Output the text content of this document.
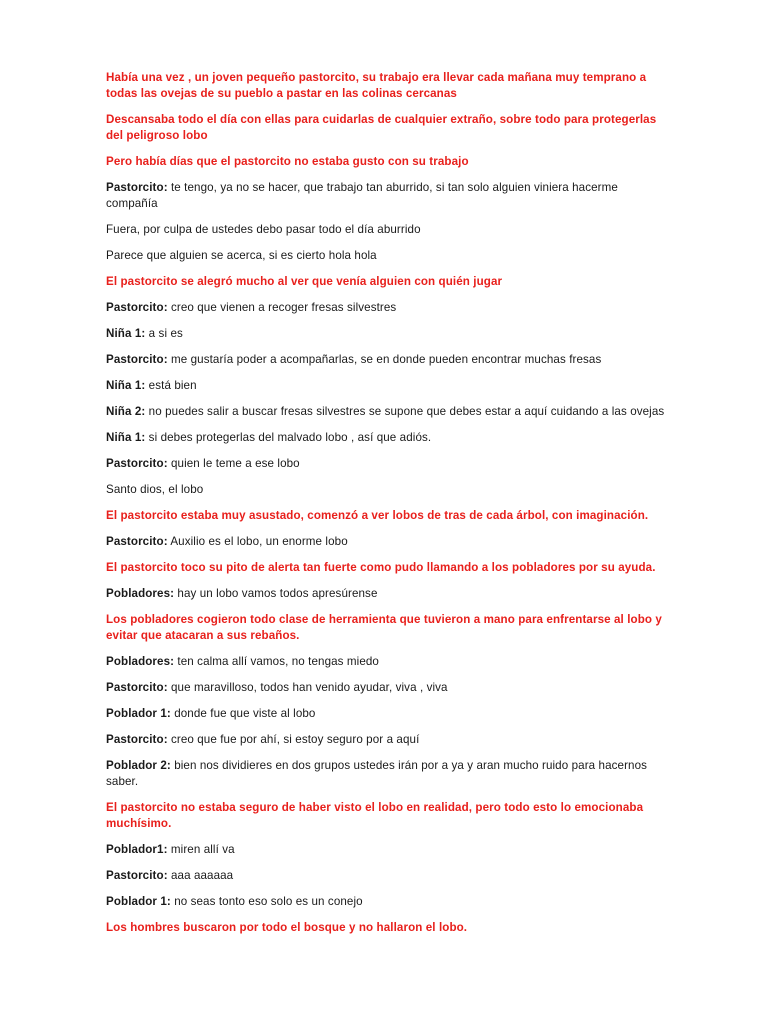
Había una vez , un joven pequeño pastorcito, su trabajo era llevar cada mañana muy temprano a todas las ovejas de su pueblo a pastar en las colinas cercanas

Descansaba todo el día con ellas para cuidarlas de cualquier extraño, sobre todo para protegerlas del peligroso lobo

Pero había días que el pastorcito no estaba gusto con su trabajo

Pastorcito: te tengo, ya no se hacer, que trabajo tan aburrido, si tan solo alguien viniera hacerme compañía

Fuera, por culpa de ustedes debo pasar todo el día aburrido

Parece que alguien se acerca, si es cierto hola hola

El pastorcito se alegró mucho al ver que venía alguien con quién jugar

Pastorcito: creo que vienen a recoger fresas silvestres

Niña 1: a si es

Pastorcito: me gustaría poder a acompañarlas, se en donde pueden encontrar muchas fresas

Niña 1: está bien

Niña 2: no puedes salir a buscar fresas silvestres se supone que debes estar a aquí cuidando a las ovejas

Niña 1: si debes protegerlas del malvado lobo , así que adiós.

Pastorcito: quien le teme a ese lobo

Santo dios, el lobo

El pastorcito estaba muy asustado, comenzó a ver lobos de tras de cada árbol, con imaginación.

Pastorcito: Auxilio es el lobo, un enorme lobo

El pastorcito toco su pito de alerta tan fuerte como pudo llamando a los pobladores por su ayuda.

Pobladores: hay un lobo vamos todos apresúrense

Los pobladores cogieron todo clase de herramienta que tuvieron a mano para enfrentarse al lobo y evitar que atacaran a sus rebaños.

Pobladores: ten calma allí vamos, no tengas miedo

Pastorcito: que maravilloso, todos han venido ayudar, viva , viva

Poblador 1: donde fue que viste al lobo

Pastorcito: creo que fue por ahí, si estoy seguro por a aquí

Poblador 2: bien nos dividieres en dos grupos ustedes irán por a ya y aran mucho ruido para hacernos saber.

El pastorcito no estaba seguro de haber visto el lobo en realidad, pero todo esto lo emocionaba muchísimo.

Poblador1: miren allí va

Pastorcito: aaa aaaaaa

Poblador 1: no seas tonto eso solo es un conejo

Los hombres buscaron por todo el bosque y no hallaron el lobo.
